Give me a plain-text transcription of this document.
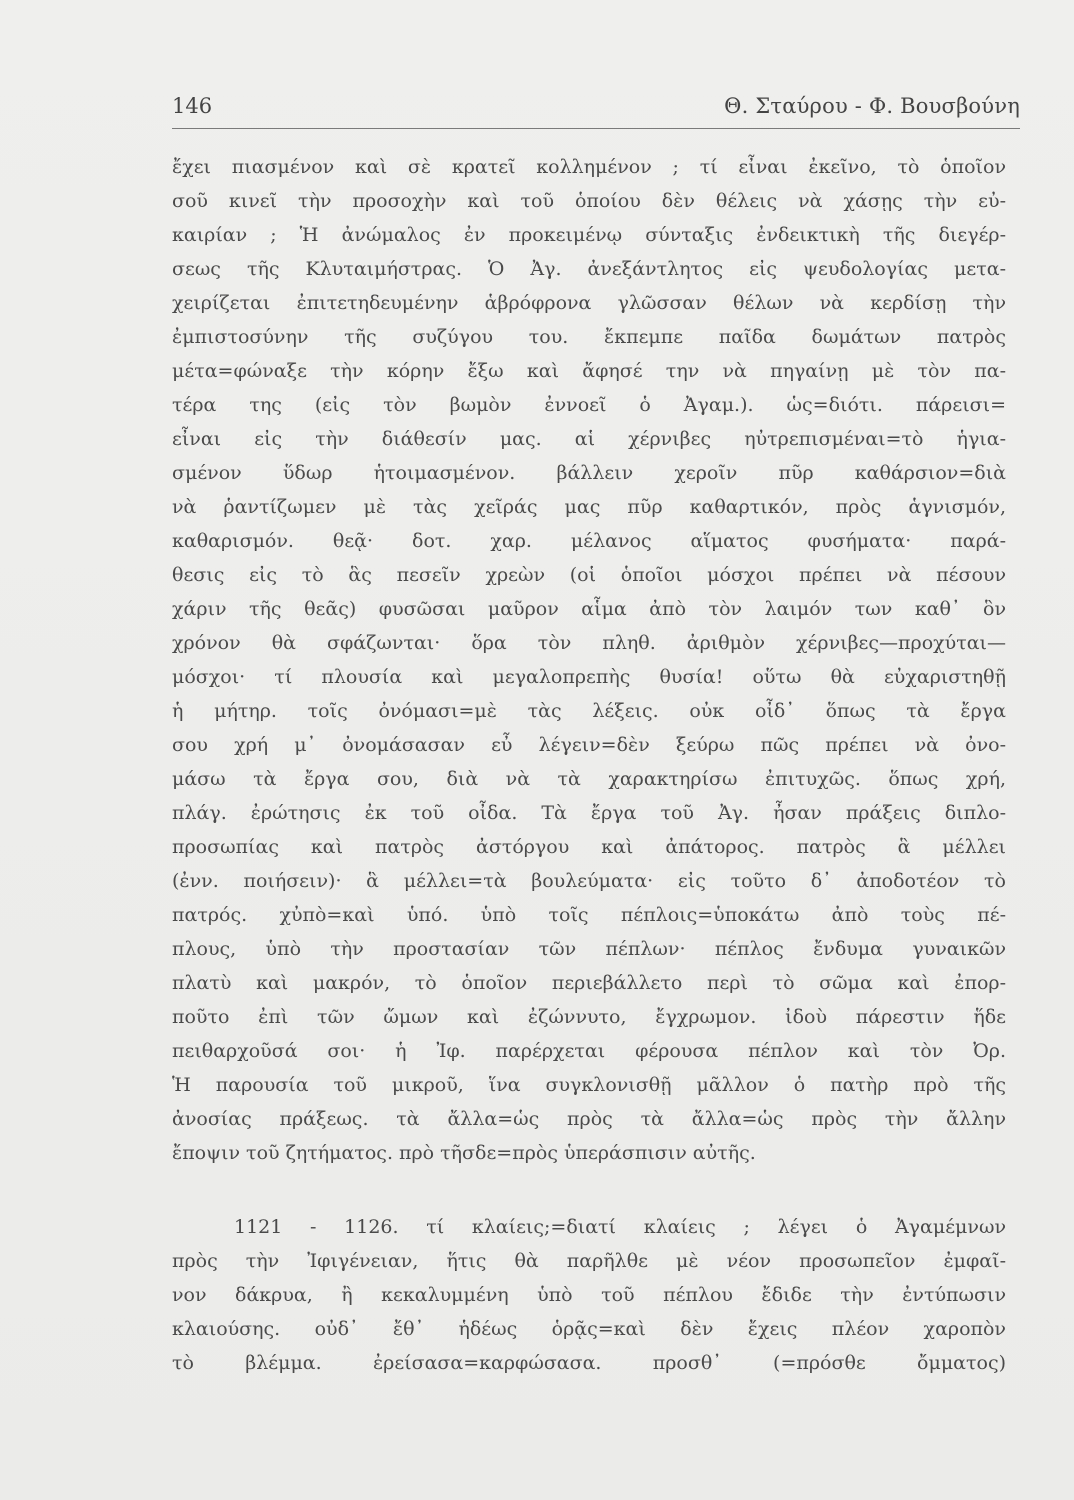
146	Θ. Σταύρου - Φ. Βουσβούνη
ἔχει πιασμένον καὶ σὲ κρατεῖ κολλημένον ; τί εἶναι ἐκεῖνο, τὸ ὁποῖον
σοῦ κινεῖ τὴν προσοχὴν καὶ τοῦ ὁποίου δὲν θέλεις νὰ χάσῃς τὴν εὐ-
καιρίαν ; Ἡ ἀνώμαλος ἐν προκειμένῳ σύνταξις ἐνδεικτικὴ τῆς διεγέρ-
σεως τῆς Κλυταιμήστρας. Ὁ Ἀγ. ἀνεξάντλητος εἰς ψευδολογίας μετα-
χειρίζεται ἐπιτετηδευμένην ἁβρόφρονα γλῶσσαν θέλων νὰ κερδίσῃ τὴν
ἐμπιστοσύνην τῆς συζύγου του. ἔκπεμπε παῖδα δωμάτων πατρὸς
μέτα=φώναξε τὴν κόρην ἔξω καὶ ἄφησέ την νὰ πηγαίνῃ μὲ τὸν πα-
τέρα της (εἰς τὸν βωμὸν ἐννοεῖ ὁ Ἀγαμ.). ὡς=διότι. πάρεισι=
εἶναι εἰς τὴν διάθεσίν μας. αἱ χέρνιβες ηὐτρεπισμέναι=τὸ ἡγια-
σμένον ὕδωρ ἡτοιμασμένον. βάλλειν χεροῖν πῦρ καθάρσιον=διὰ
νὰ ῥαντίζωμεν μὲ τὰς χεῖράς μας πῦρ καθαρτικόν, πρὸς ἁγνισμόν,
καθαρισμόν. θεᾷ· δοτ. χαρ. μέλανος αἵματος φυσήματα· παρά-
θεσις εἰς τὸ ἃς πεσεῖν χρεὼν (οἱ ὁποῖοι μόσχοι πρέπει νὰ πέσουν
χάριν τῆς θεᾶς) φυσῶσαι μαῦρον αἷμα ἀπὸ τὸν λαιμόν των καθ᾽ ὃν
χρόνον θὰ σφάζωνται· ὅρα τὸν πληθ. ἀριθμὸν χέρνιβες—προχύται—
μόσχοι· τί πλουσία καὶ μεγαλοπρεπὴς θυσία! οὕτω θὰ εὐχαριστηθῇ
ἡ μήτηρ. τοῖς ὀνόμασι=μὲ τὰς λέξεις. οὐκ οἶδ᾽ ὅπως τὰ ἔργα
σου χρή μ᾽ ὀνομάσασαν εὖ λέγειν=δὲν ξεύρω πῶς πρέπει νὰ ὀνο-
μάσω τὰ ἔργα σου, διὰ νὰ τὰ χαρακτηρίσω ἐπιτυχῶς. ὅπως χρή,
πλάγ. ἐρώτησις ἐκ τοῦ οἶδα. Τὰ ἔργα τοῦ Ἀγ. ἦσαν πράξεις διπλο-
προσωπίας καὶ πατρὸς ἀστόργου καὶ ἀπάτορος. πατρὸς ἃ μέλλει
(ἐνν. ποιήσειν)· ἃ μέλλει=τὰ βουλεύματα· εἰς τοῦτο δ᾽ ἀποδοτέον τὸ
πατρός. χὐπὸ=καὶ ὑπό. ὑπὸ τοῖς πέπλοις=ὑποκάτω ἀπὸ τοὺς πέ-
πλους, ὑπὸ τὴν προστασίαν τῶν πέπλων· πέπλος ἔνδυμα γυναικῶν
πλατὺ καὶ μακρόν, τὸ ὁποῖον περιεβάλλετο περὶ τὸ σῶμα καὶ ἐπορ-
ποῦτο ἐπὶ τῶν ὤμων καὶ ἐζώννυτο, ἔγχρωμον. ἰδοὺ πάρεστιν ἥδε
πειθαρχοῦσά σοι· ἡ Ἰφ. παρέρχεται φέρουσα πέπλον καὶ τὸν Ὀρ.
Ἡ παρουσία τοῦ μικροῦ, ἵνα συγκλονισθῇ μᾶλλον ὁ πατὴρ πρὸ τῆς
ἀνοσίας πράξεως. τὰ ἄλλα=ὡς πρὸς τὰ ἄλλα=ὡς πρὸς τὴν ἄλλην
ἔποψιν τοῦ ζητήματος. πρὸ τῆσδε=πρὸς ὑπεράσπισιν αὐτῆς.
1121 - 1126. τί κλαίεις;=διατί κλαίεις ; λέγει ὁ Ἀγαμέμνων
πρὸς τὴν Ἰφιγένειαν, ἥτις θὰ παρῆλθε μὲ νέον προσωπεῖον ἐμφαῖ-
νον δάκρυα, ἢ κεκαλυμμένη ὑπὸ τοῦ πέπλου ἔδιδε τὴν ἐντύπωσιν
κλαιούσης. οὐδ᾽ ἔθ᾽ ἡδέως ὁρᾷς=καὶ δὲν ἔχεις πλέον χαροπὸν
τὸ βλέμμα. ἐρείσασα=καρφώσασα. προσθ᾽ (=πρόσθε ὄμματος)
